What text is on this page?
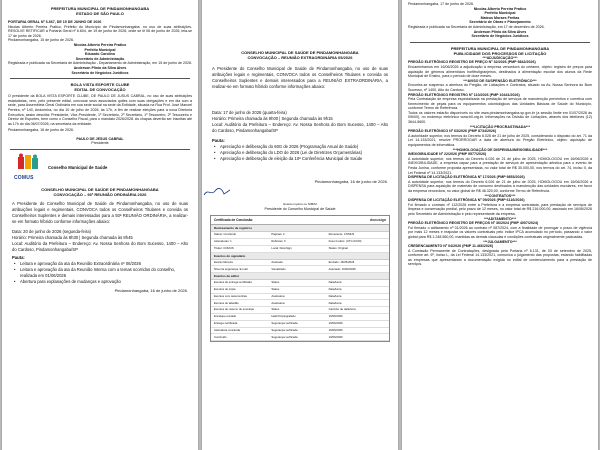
PREFEITURA MUNICIPAL DE PINDAMONHANGABA
ESTADO DE SÃO PAULO
PORTARIA GERAL Nº 6.667, DE 15 DE JUNHO DE 2026
Nicolas Alberto Pereira Pratico, Prefeito do Município de Pindamonhangaba, no uso de suas atribuições, RESOLVE RETIFICAR a Portaria Geral nº 6.604, de 19 de junho de 2026, onde se lê 06 de junho de 2026, leia-se 17 de junho de 2026.
Pindamonhangaba, 15 de junho de 2026.
Nicolas Alberto Pereira Pratico
Prefeito Municipal
Eduardo Carolino
Secretário de Administração
Registrada e publicada na Secretaria de Administração - Departamento de Administração, em 15 de junho de 2026.
Anderson Plinio da Silva Alves
Secretário de Negócios Jurídicos
BOLA VISTA ESPORTE CLUBE
EDITAL DE CONVOCAÇÃO
O presidente da BOLA VISTA ESPORTE CLUBE, DE PAULO DE JUSUS CABRAL, no uso de suas atribuições estatutárias, vem, pelo presente edital, convocar seus associados quites com suas obrigações e em dia com a sede, para Assembleia Geral Ordinária em sua sede social na sede da Entidade, situada na Rua Prof. José Manoel Pereira, nº 140, Andorinha, no dia 10 de julho de 2026, às 17h, a fim de realizar eleições para a nova Diretoria Executiva, assim descrita: Presidente, Vice-Presidente, 1º Secretário, 2º Secretário, 1º Tesoureiro, 2º Tesoureiro e Diretor de Esportes, bem como o Conselho Fiscal, para o mandato 2026/2028. As chapas deverão ser inscritas até as 17h do dia 06/07/2026, na secretaria da entidade.
Pindamonhangaba, 16 de junho de 2026.
PAULO DE JESUS CABRAL
Presidente
COMUS
Conselho Municipal de Saúde
CONSELHO MUNICIPAL DE SAÚDE DE PINDAMONHANGABA
CONVOCAÇÃO – 93ª REUNIÃO ORDINÁRIA 2026
A Presidente do Conselho Municipal de Saúde de Pindamonhangaba, no uso de suas atribuições legais e regimentais, CONVOCA todos os Conselheiros Titulares e convida os Conselheiros Suplentes e demais interessados para a 93ª REUNIÃO ORDINÁRIA, a realizar-se em formato híbrido conforme informações abaixo:
Data: 20 de junho de 2026 (segunda-feira)
Horário: Primeira chamada às 8h30 | Segunda chamada às 8h45
Local: Auditório da Prefeitura – Endereço: Av. Nossa Senhora do Bom Sucesso, 1400 – Alto do Cardoso, Pindamonhangaba/SP
Pauta:
• Leitura e aprovação da ata da Reunião Extraordinária nº 06/2026
• Leitura e aprovação da ata da Reunião Interna com a temas ocorridos do conselho, realizada em 01/06/2026
• Abertura para explanações de mudanças e aprovação
Pindamonhangaba, 16 de junho de 2026.
CONSELHO MUNICIPAL DE SAÚDE DE PINDAMONHANGABA
CONVOCAÇÃO – REUNIÃO EXTRAORDINÁRIA 05/2026
A Presidente do Conselho Municipal de Saúde de Pindamonhangaba, no uso de suas atribuições legais e regimentais, CONVOCA todos os Conselheiros Titulares e convida os Conselheiros Suplentes e demais interessados para a REUNIÃO EXTRAORDINÁRIA, a realizar-se em formato híbrido conforme informações abaixo:
Data: 17 de junho de 2026 (quarta-feira)
Horário: Primeira chamada às 9h00 | Segunda chamada às 9h15
Local: Auditório da Prefeitura – Endereço: Av. Nossa Senhora do Bom Sucesso, 1400 – Alto do Cardoso, Pindamonhangaba/SP
Pauta:
• Apreciação e deliberação do 60G de 2026 (Programação Anual de Saúde)
• Apreciação e deliberação do LDO de 2026 (Lei de Diretrizes Orçamentárias)
• Apreciação e deliberação de eleição da 10ª Conferência Municipal de Saúde
Pindamonhangaba, 16 de junho de 2026.
Evanio myarro ou NIMIM
Presidente do Conselho Municipal de Saúde
Certificado de Conclusão	docusign
Rastreamento de registros
Status: Concluído	Páginas: 2	Remetente: COMUS
Assinaturas: 1	Rubricas: 0	Fuso horário: (UTC-03:00)
Titular: COMUS	Local: DocuSign	Status: Original
Eventos do signatário
Evanio Moreira	Assinado	Enviado: 16/06/2026
Nível de segurança: E-mail	Visualizado	Assinado: 16/06/2026
Eventos de editor
Eventos de entrega certificada	Status	Data/Hora
Eventos de cópia	Status	Data/Hora
Eventos com testemunhas	Assinatura	Data/Hora
Eventos do tabelião	Assinatura	Data/Hora
Eventos de resumo do envelope	Status	Carimbo de data/hora
Envelope enviado	Hash/Criptografado	16/06/2026
Entrega certificada	Segurança verificada	16/06/2026
Assinatura concluída	Segurança verificada	16/06/2026
Concluído	Segurança verificada	16/06/2026
Pindamonhangaba, 17 de junho de 2026.
Nicolas Alberto Pereira Pratico
Prefeito Municipal
Mateus Moraes Freitas
Secretário de Obras e Planejamento
Registrada e publicada na Secretaria de Administração, em 17 de dezembro de 2026.
Anderson Plinio da Silva Alves
Secretário de Negócios Jurídicos
PREFEITURA MUNICIPAL DE PINDAMONHANGABA
PUBLICIDADE DOS PROCESSOS DE LICITAÇÃO
***ADJUDICAÇÃO***
PREGÃO ELETRÔNICO REGISTRO DE PREÇO Nº 32/2026 (PMP 9842/2026)
Encaminhamos em 16/06/2026 a adjudicação à empresa vencedora do certame, objeto: registro de preços para aquisição de gêneros alimentícios hortifrutigranjeiros, destinados à alimentação escolar dos alunos da Rede Municipal de Ensino, para o período de doze meses.
***AVISO DE SUSPENSÃO ELETRÔNICO***
Encontra-se suspenso a abertura do Pregão, de Licitações e Contratos, situado na Av. Nossa Senhora do Bom Sucesso, nº 1400, Alto do Cardoso.
PREGÃO ELETRÔNICO REGISTRO Nº 110/2026 (PMP 10441/2026)
Pela Contratação de empresa especializada na prestação de serviços de manutenção preventiva e corretiva com fornecimento de peças para os equipamentos odontológicos das Unidades Básicas de Saúde do Município, conforme Termo de Referência.
Todos os valores estarão disponíveis no site www.pindamonhangaba.sp.gov.br (a sessão limite em 01/07/2026 às 09h00), no endereço eletrônico www.bll.org.br. Informações na Divisão de Licitações, através dos telefones (12) 3644-5600.
***LICITAÇÃO PROCRASTINADA***
PREGÃO ELETRÔNICO Nº 63/2026 (PMP 8734/2026)
A autoridade superior, nos termos do Decreto 6.026 de 21 de julho de 2025, considerando o disposto do art. 71 da Lei 14.133/2021, resolve PRORROGAR a data de abertura do Pregão Eletrônico, objeto: aquisição de equipamentos de informática.
***HOMOLOGAÇÃO DE DISPENSA/INEXIGIBILIDADE***
INEXIGIBILIDADE Nº 22/2026 (PMP 9577/2026)
A autoridade superior, nos termos do Decreto 6.026 de 21 de julho de 2025, HOMOLOGOU em 16/06/2026 a INEXIGIBILIDADE, a empresa capaz para a prestação de serviços de apresentação artística para o evento de Festa Junina, conforme proposta apresentada, no valor total de R$ 30.000,00, nos termos do art. 74, inciso II, da Lei Federal nº 14.133/2021.
DISPENSA DE LICITAÇÃO ELETRÔNICA Nº 17/2026 (PMP 9853/2026)
A autoridade superior, nos termos do Decreto 6.026 de 21 de julho de 2025, HOMOLOGOU em 16/06/2026 a DISPENSA para aquisição de materiais de consumo destinados à manutenção das unidades escolares, em favor da empresa vencedora, no valor global de R$ 48.320,00, conforme Termo de Referência.
***CONTRATOS***
DISPENSA DE LICITAÇÃO ELETRÔNICA Nº 09/2026 (PMP 6116/2026)
Foi firmado o contrato nº 112/2026 entre a Prefeitura e a empresa contratada, para prestação de serviços de limpeza e conservação predial, pelo prazo de 12 meses, no valor total de R$ 216.000,00, assinado em 16/06/2026 pelo Secretário de Administração e pelo representante da empresa.
***ADITAMENTO***
PREGÃO ELETRÔNICO REGISTRO DE PREÇOS Nº 36/2024 (PMP 4007/2024)
Foi firmado o aditamento nº 01/2026 ao contrato nº 087/2024, com a finalidade de prorrogar o prazo de vigência por mais 12 meses e reajustar os valores contratuais pelo índice IPCA acumulado no período, passando o valor global para R$ 1.248.560,00, mantidas as demais cláusulas e condições contratuais originalmente pactuadas.
***JULGAMENTO***
CREDENCIAMENTO Nº 04/2026 (PMP 11.466/2026)
A Comissão Permanente de Contratações, designada pela Portaria nº 6.131, de 03 de setembro de 2025, conforme art. 6º, inciso L, da Lei Federal 14.133/2021, comunica o julgamento das propostas, estando habilitadas as empresas que apresentaram a documentação exigida no edital de credenciamento para a prestação de serviços.
